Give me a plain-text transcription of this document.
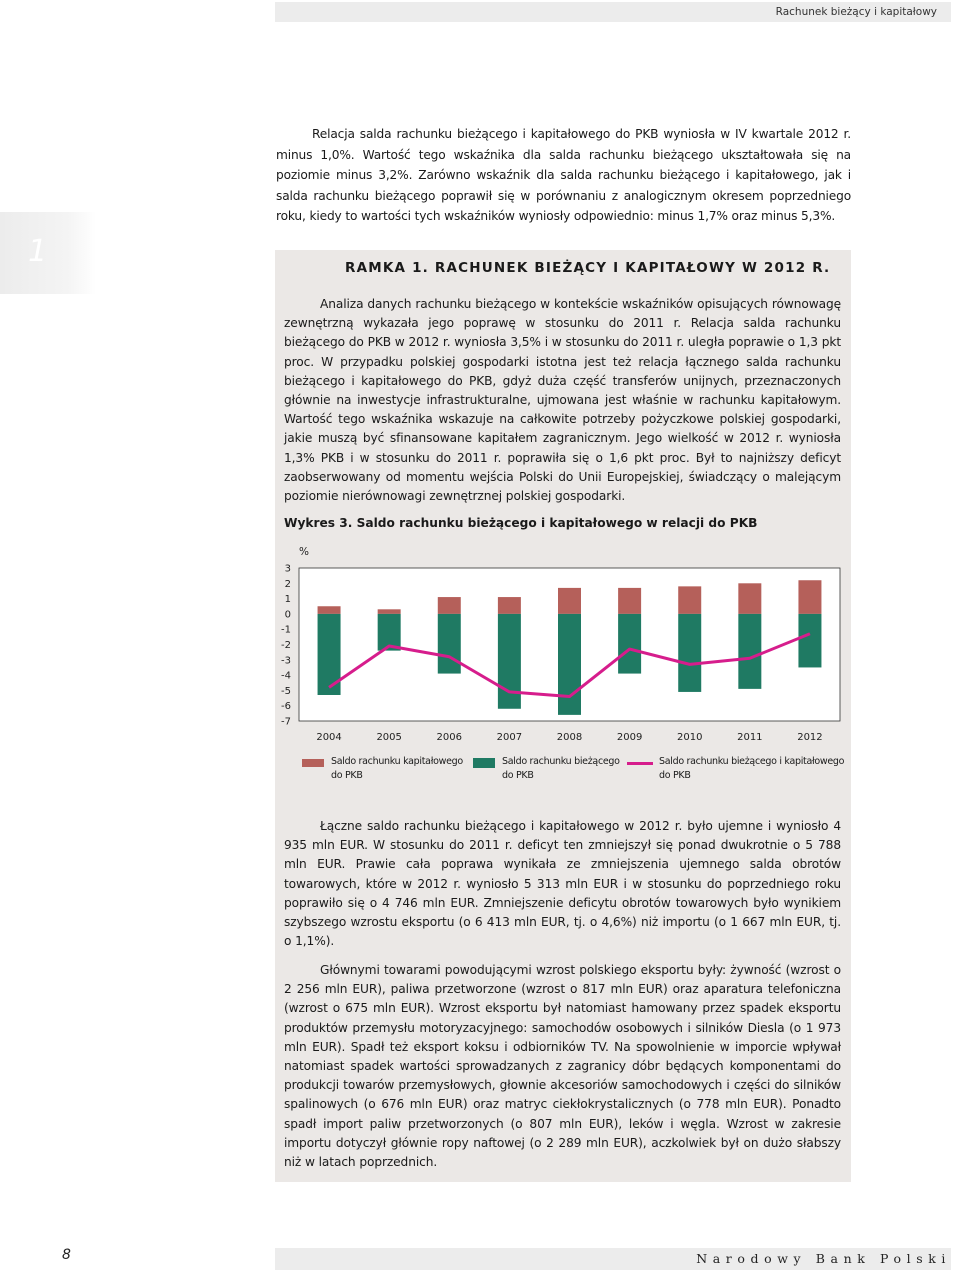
Rachunek bieżący i kapitałowy
1

Relacja salda rachunku bieżącego i kapitałowego do PKB wyniosła w IV kwartale 2012 r. minus 1,0%. Wartość tego wskaźnika dla salda rachunku bieżącego ukształtowała się na poziomie minus 3,2%. Zarówno wskaźnik dla salda rachunku bieżącego i kapitałowego, jak i salda rachunku bieżącego poprawił się w porównaniu z analogicznym okresem poprzedniego roku, kiedy to wartości tych wskaźników wyniosły odpowiednio: minus 1,7% oraz minus 5,3%.

RAMKA 1. RACHUNEK BIEŻĄCY I KAPITAŁOWY W 2012 R.

Analiza danych rachunku bieżącego w kontekście wskaźników opisujących równowagę zewnętrzną wykazała jego poprawę w stosunku do 2011 r. Relacja salda rachunku bieżącego do PKB w 2012 r. wyniosła 3,5% i w stosunku do 2011 r. uległa poprawie o 1,3 pkt proc. W przypadku polskiej gospodarki istotna jest też relacja łącznego salda rachunku bieżącego i kapitałowego do PKB, gdyż duża część transferów unijnych, przeznaczonych głównie na inwestycje infrastrukturalne, ujmowana jest właśnie w rachunku kapitałowym. Wartość tego wskaźnika wskazuje na całkowite potrzeby pożyczkowe polskiej gospodarki, jakie muszą być sfinansowane kapitałem zagranicznym. Jego wielkość w 2012 r. wyniosła 1,3% PKB i w stosunku do 2011 r. poprawiła się o 1,6 pkt proc. Był to najniższy deficyt zaobserwowany od momentu wejścia Polski do Unii Europejskiej, świadczący o malejącym poziomie nierównowagi zewnętrznej polskiej gospodarki.

Wykres 3. Saldo rachunku bieżącego i kapitałowego w relacji do PKB
%
3
2
1
0
-1
-2
-3
-4
-5
-6
-7
2004	2005	2006	2007	2008	2009	2010	2011	2012
Saldo rachunku kapitałowego
do PKB
Saldo rachunku bieżącego
do PKB
Saldo rachunku bieżącego i kapitałowego
do PKB

Łączne saldo rachunku bieżącego i kapitałowego w 2012 r. było ujemne i wyniosło 4 935 mln EUR. W stosunku do 2011 r. deficyt ten zmniejszył się ponad dwukrotnie o 5 788 mln EUR. Prawie cała poprawa wynikała ze zmniejszenia ujemnego salda obrotów towarowych, które w 2012 r. wyniosło 5 313 mln EUR i w stosunku do poprzedniego roku poprawiło się o 4 746 mln EUR. Zmniejszenie deficytu obrotów towarowych było wynikiem szybszego wzrostu eksportu (o 6 413 mln EUR, tj. o 4,6%) niż importu (o 1 667 mln EUR, tj. o 1,1%).

Głównymi towarami powodującymi wzrost polskiego eksportu były: żywność (wzrost o 2 256 mln EUR), paliwa przetworzone (wzrost o 817 mln EUR) oraz aparatura telefoniczna (wzrost o 675 mln EUR). Wzrost eksportu był natomiast hamowany przez spadek eksportu produktów przemysłu motoryzacyjnego: samochodów osobowych i silników Diesla (o 1 973 mln EUR). Spadł też eksport koksu i odbiorników TV. Na spowolnienie w imporcie wpływał natomiast spadek wartości sprowadzanych z zagranicy dóbr będących komponentami do produkcji towarów przemysłowych, głownie akcesoriów samochodowych i części do silników spalinowych (o 676 mln EUR) oraz matryc ciekłokrystalicznych (o 778 mln EUR). Ponadto spadł import paliw przetworzonych (o 807 mln EUR), leków i węgla. Wzrost w zakresie importu dotyczył głównie ropy naftowej (o 2 289 mln EUR), aczkolwiek był on dużo słabszy niż w latach poprzednich.

8	Narodowy Bank Polski
